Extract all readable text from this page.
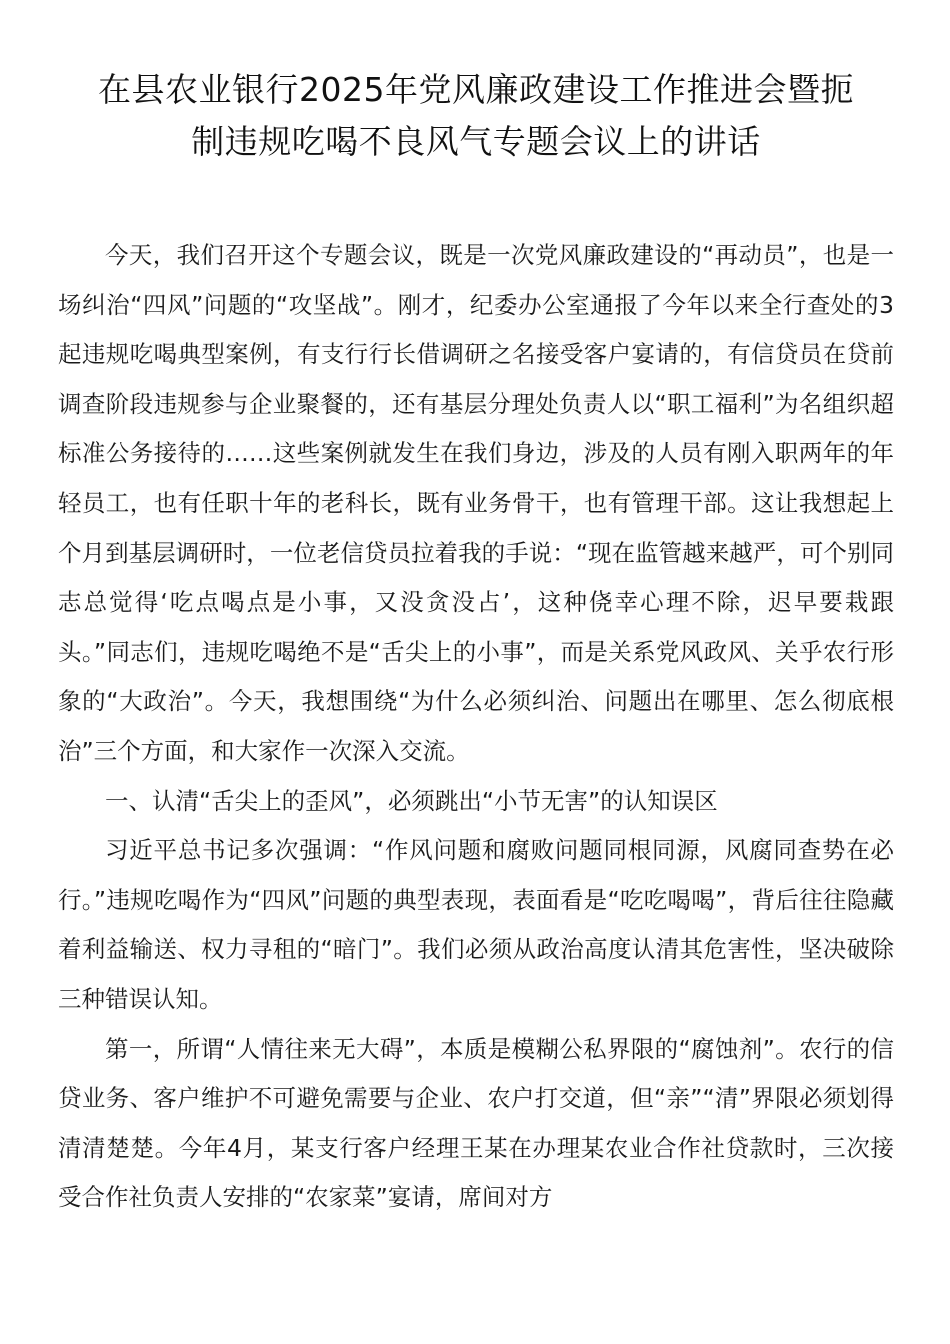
在县农业银行2025年党风廉政建设工作推进会暨扼
制违规吃喝不良风气专题会议上的讲话

今天，我们召开这个专题会议，既是一次党风廉政建设的“再动员”，也是一场纠治“四风”问题的“攻坚战”。刚才，纪委办公室通报了今年以来全行查处的3起违规吃喝典型案例，有支行行长借调研之名接受客户宴请的，有信贷员在贷前调查阶段违规参与企业聚餐的，还有基层分理处负责人以“职工福利”为名组织超标准公务接待的……这些案例就发生在我们身边，涉及的人员有刚入职两年的年轻员工，也有任职十年的老科长，既有业务骨干，也有管理干部。这让我想起上个月到基层调研时，一位老信贷员拉着我的手说：“现在监管越来越严，可个别同志总觉得‘吃点喝点是小事，又没贪没占’，这种侥幸心理不除，迟早要栽跟头。”同志们，违规吃喝绝不是“舌尖上的小事”，而是关系党风政风、关乎农行形象的“大政治”。今天，我想围绕“为什么必须纠治、问题出在哪里、怎么彻底根治”三个方面，和大家作一次深入交流。

一、认清“舌尖上的歪风”，必须跳出“小节无害”的认知误区

习近平总书记多次强调：“作风问题和腐败问题同根同源，风腐同查势在必行。”违规吃喝作为“四风”问题的典型表现，表面看是“吃吃喝喝”，背后往往隐藏着利益输送、权力寻租的“暗门”。我们必须从政治高度认清其危害性，坚决破除三种错误认知。

第一，所谓“人情往来无大碍”，本质是模糊公私界限的“腐蚀剂”。农行的信贷业务、客户维护不可避免需要与企业、农户打交道，但“亲”“清”界限必须划得清清楚楚。今年4月，某支行客户经理王某在办理某农业合作社贷款时，三次接受合作社负责人安排的“农家菜”宴请，席间对方
